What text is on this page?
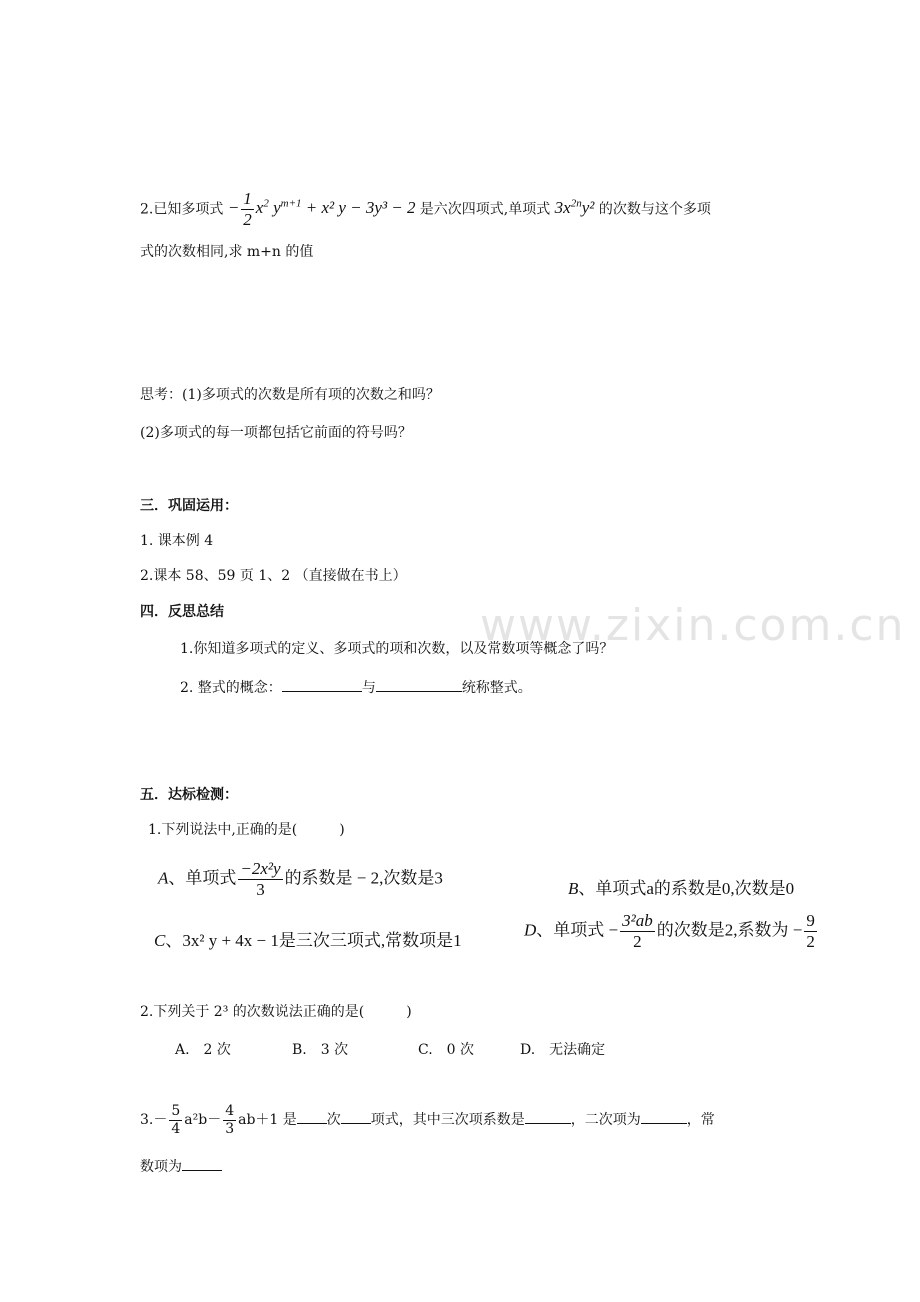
www.zixin.com.cn
2.已知多项式 − $\frac{1}{2} x^2$ $y^{m+1} + x^2$ y − 3y³ − 2 是六次四项式,单项式 $3x^{2n}y^2$ 的次数与这个多项
式的次数相同,求 m+n 的值
思考：(1)多项式的次数是所有项的次数之和吗？
(2)多项式的每一项都包括它前面的符号吗？
三．巩固运用：
1. 课本例 4
2.课本 58、59 页 1、2 （直接做在书上）
四．反思总结
1.你知道多项式的定义、多项式的项和次数，以及常数项等概念了吗？
2. 整式的概念：	与	统称整式。
五．达标检测：
1.下列说法中,正确的是(　　　)
A、单项式 $\frac{\text{−2x²y}}{3}$ 的系数是 − 2,次数是3
B、单项式a的系数是0,次数是0
C、3x² y + 4x − 1是三次三项式,常数项是1
D、单项式 − $\frac{\text{3²ab}}{2}$ 的次数是2,系数为 − $\frac{9}{2}$
2.下列关于 2³ 的次数说法正确的是(　　　)
A.　2 次	B.　3 次	C.　0 次	D.　无法确定
$3.- \frac{5}{4} a^2b- \frac{4}{3} ab+1$ 是 次 项式，其中三次项系数是	，二次项为	，常
数项为
